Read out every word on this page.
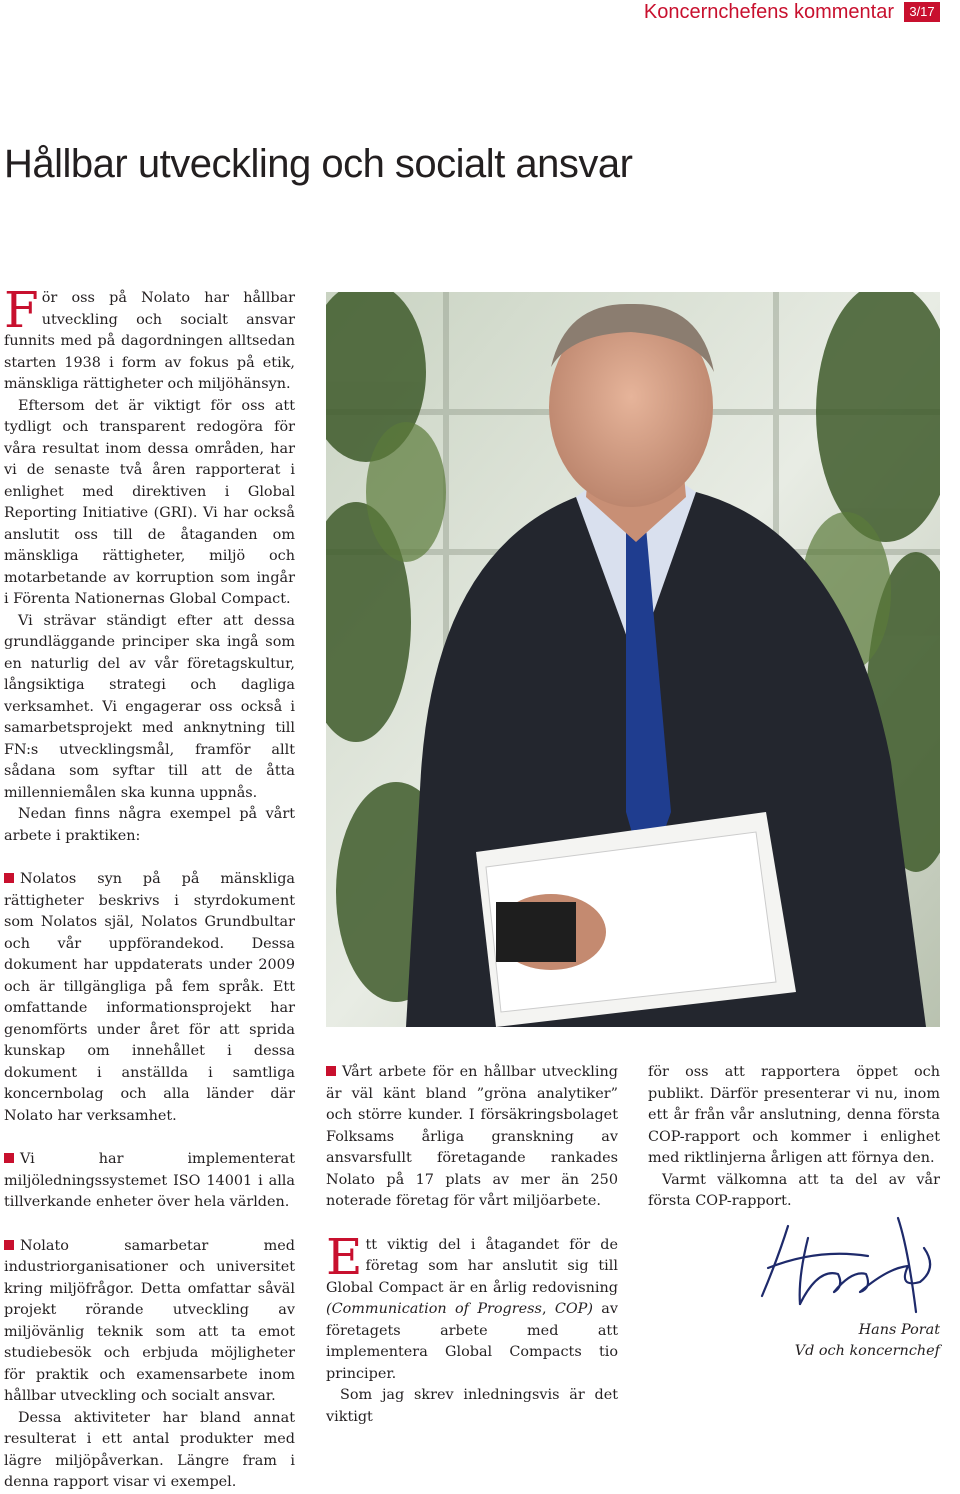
Koncernchefens kommentar	3/17
Hållbar utveckling och socialt ansvar

För oss på Nolato har hållbar utveckling och socialt ansvar funnits med på dagordningen alltsedan starten 1938 i form av fokus på etik, mänskliga rättigheter och miljöhänsyn.

Eftersom det är viktigt för oss att tydligt och transparent redogöra för våra resultat inom dessa områden, har vi de senaste två åren rapporterat i enlighet med direktiven i Global Reporting Initiative (GRI). Vi har också anslutit oss till de åtaganden om mänskliga rättigheter, miljö och motarbetande av korruption som ingår i Förenta Nationernas Global Compact.

Vi strävar ständigt efter att dessa grundläggande principer ska ingå som en naturlig del av vår företagskultur, långsiktiga strategi och dagliga verksamhet. Vi engagerar oss också i samarbetsprojekt med anknytning till FN:s utvecklingsmål, framför allt sådana som syftar till att de åtta millenniemålen ska kunna uppnås.

Nedan finns några exempel på vårt arbete i praktiken:

Nolatos syn på på mänskliga rättigheter beskrivs i styrdokument som Nolatos själ, Nolatos Grundbultar och vår uppförandekod. Dessa dokument har uppdaterats under 2009 och är tillgängliga på fem språk. Ett omfattande informationsprojekt har genomförts under året för att sprida kunskap om innehållet i dessa dokument i anställda i samtliga koncernbolag och alla länder där Nolato har verksamhet.

Vi har implementerat miljöledningssystemet ISO 14001 i alla tillverkande enheter över hela världen.

Nolato samarbetar med industriorganisationer och universitet kring miljöfrågor. Detta omfattar såväl projekt rörande utveckling av miljövänlig teknik som att ta emot studiebesök och erbjuda möjligheter för praktik och examensarbete inom hållbar utveckling och socialt ansvar.

Dessa aktiviteter har bland annat resulterat i ett antal produkter med lägre miljöpåverkan. Längre fram i denna rapport visar vi exempel.

Vårt arbete för en hållbar utveckling är väl känt bland ”gröna analytiker” och större kunder. I försäkringsbolaget Folksams årliga granskning av ansvarsfullt företagande rankades Nolato på 17 plats av mer än 250 noterade företag för vårt miljöarbete.

Ett viktig del i åtagandet för de företag som har anslutit sig till Global Compact är en årlig redovisning (Communication of Progress, COP) av företagets arbete med att implementera Global Compacts tio principer.

Som jag skrev inledningsvis är det viktigt

för oss att rapportera öppet och publikt. Därför presenterar vi nu, inom ett år från vår anslutning, denna första COP-rapport och kommer i enlighet med riktlinjerna årligen att förnya den.

Varmt välkomna att ta del av vår första COP-rapport.

Hans Porat
Vd och koncernchef
